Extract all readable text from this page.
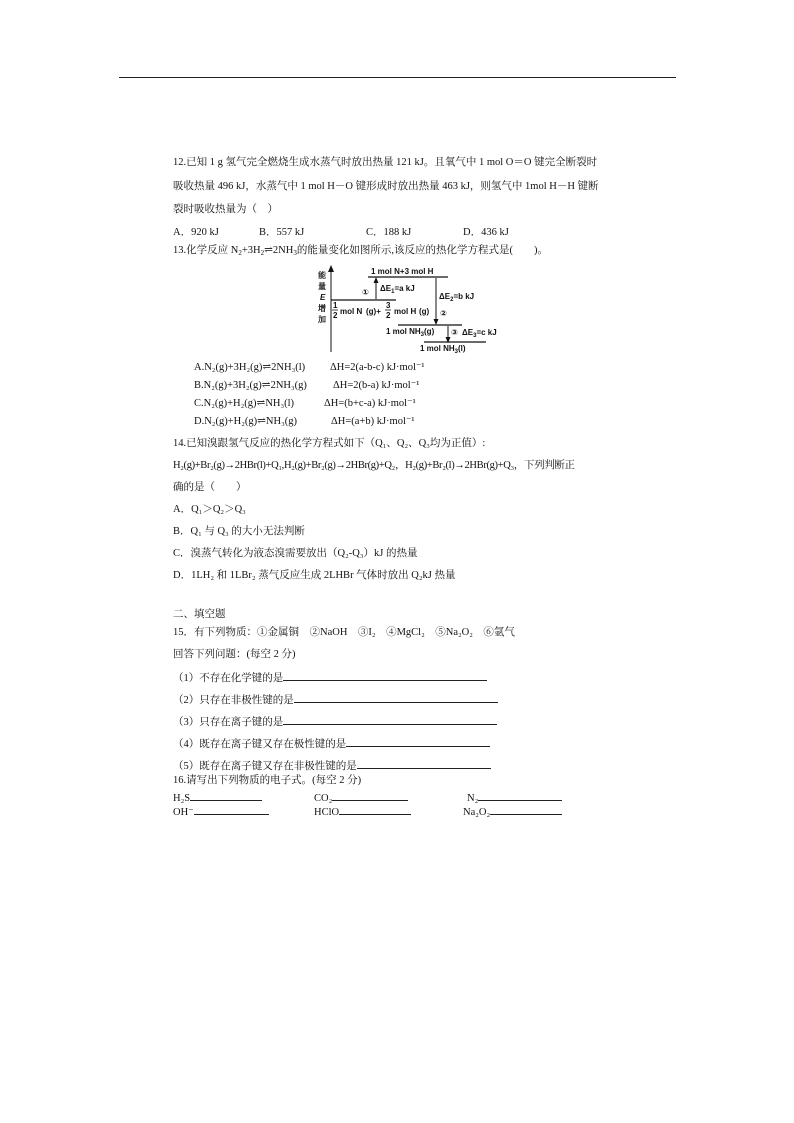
12.已知 1 g 氢气完全燃烧生成水蒸气时放出热量 121 kJ。且氧气中 1 mol O＝O 键完全断裂时
吸收热量 496 kJ，水蒸气中 1 mol H－O 键形成时放出热量 463 kJ，则氢气中 1mol H－H 键断
裂时吸收热量为（　）
A．920 kJ	B．557 kJ	C．188 kJ	D．436 kJ
13.化学反应 $N_2+3H_2\rightleftharpoons 2NH_3$的能量变化如图所示,该反应的热化学方程式是(　　)。
能
量
E
增
加
1 mol N+3 mol H
1
2 mol N (g)+
3
2 mol H (g)
① $\Delta E_1=a$ kJ
$\Delta E_2=b$ kJ
②
1 mol $NH_3(g)$ ③ $\Delta E_3=c$ kJ
1 mol $NH_3(l)$
A.N₂(g)+3H₂(g)⇌2NH₃(l) ΔH=2(a-b-c) kJ·mol⁻¹
B.N₂(g)+3H₂(g)⇌2NH₃(g) ΔH=2(b-a) kJ·mol⁻¹
C.N₂(g)+H₂(g)⇌NH₃(l)	ΔH=(b+c-a) kJ·mol⁻¹
D.N₂(g)+H₂(g)⇌NH₃(g)	ΔH=(a+b) kJ·mol⁻¹
14.已知溴跟氢气反应的热化学方程式如下（Q₁、Q₂、Q₃均为正值）:
H₂(g)+Br₂(g)→2HBr(l)+Q₁,H₂(g)+Br₂(g)→2HBr(g)+Q₂，H₂(g)+Br₂(l)→2HBr(g)+Q₃，下列判断正
确的是（　　）
A．Q₁＞Q₂＞Q₃
B．Q₁ 与 Q₃ 的大小无法判断
C．溴蒸气转化为液态溴需要放出（Q₂-Q₃）kJ 的热量
D．1LH₂ 和 1LBr₂ 蒸气反应生成 2LHBr 气体时放出 Q₂kJ 热量
二、填空题
15．有下列物质：①金属铜　②NaOH　③I₂　④MgCl₂　⑤Na₂O₂　⑥氩气
回答下列问题：(每空 2 分)
（1）不存在化学键的是
（2）只存在非极性键的是
（3）只存在离子键的是
（4）既存在离子键又存在极性键的是
（5）既存在离子键又存在非极性键的是
16.请写出下列物质的电子式。(每空 2 分)
H₂S	CO₂	N₂
OH⁻	HClO	Na₂O₂
